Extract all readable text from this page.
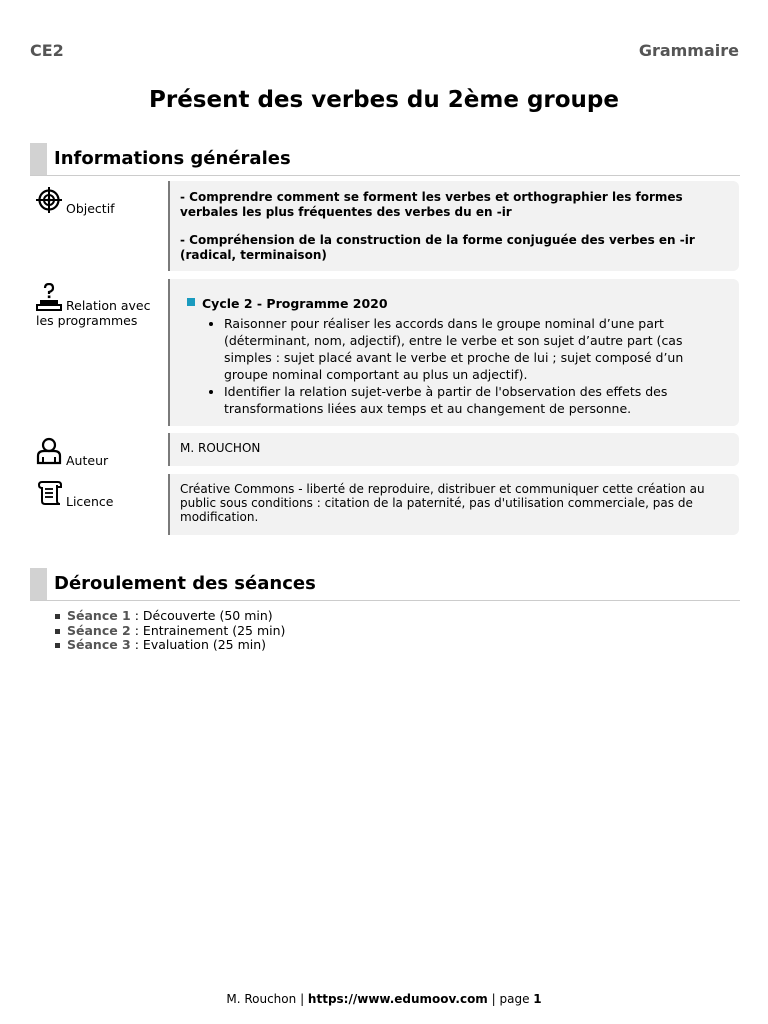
CE2	Grammaire
Présent des verbes du 2ème groupe
Informations générales
Objectif

- Comprendre comment se forment les verbes et orthographier les formes verbales les plus fréquentes des verbes du en -ir

- Compréhension de la construction de la forme conjuguée des verbes en -ir (radical, terminaison)

Relation avec les programmes
Cycle 2 - Programme 2020
• Raisonner pour réaliser les accords dans le groupe nominal d’une part (déterminant, nom, adjectif), entre le verbe et son sujet d’autre part (cas simples : sujet placé avant le verbe et proche de lui ; sujet composé d’un groupe nominal comportant au plus un adjectif).
• Identifier la relation sujet-verbe à partir de l'observation des effets des transformations liées aux temps et au changement de personne.
Auteur

M. ROUCHON

Licence

Créative Commons - liberté de reproduire, distribuer et communiquer cette création au public sous conditions : citation de la paternité, pas d'utilisation commerciale, pas de modification.

Déroulement des séances
Séance 1 : Découverte (50 min)
Séance 2 : Entrainement (25 min)
Séance 3 : Evaluation (25 min)
M. Rouchon | https://www.edumoov.com | page 1
